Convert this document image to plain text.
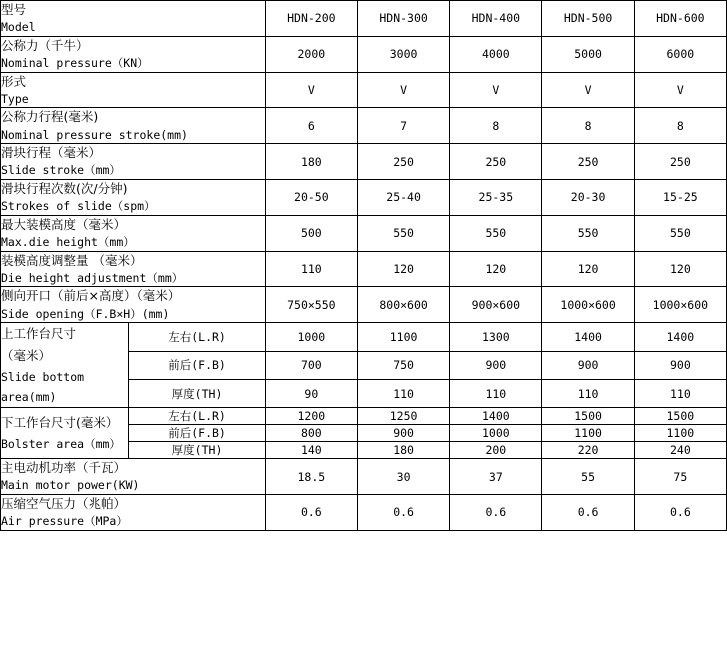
型号
Model		HDN-200	HDN-300	HDN-400	HDN-500	HDN-600

公称力（千牛）
Nominal pressure（KN）		2000	3000	4000	5000	6000

形式
Type		V	V	V	V	V

公称力行程(毫米)
Nominal pressure stroke(mm)		6	7	8	8	8

滑块行程（毫米）
Slide stroke（mm）		180	250	250	250	250

滑块行程次数(次/分钟)
Strokes of slide（spm）		20-50	25-40	25-35	20-30	15-25

最大装模高度（毫米）
Max.die height（mm）		500	550	550	550	550

装模高度调整量 （毫米）
Die height adjustment（mm）		110	120	120	120	120

侧向开口（前后×高度）（毫米）
Side opening（F.B×H）(mm)		750×550	800×600	900×600	1000×600	1000×600

上工作台尺寸
（毫米）
Slide bottom
area(mm)	左右(L.R)	1000	1100	1300	1400	1400
	前后(F.B)	700	750	900	900	900
	厚度(TH)	90	110	110	110	110

下工作台尺寸(毫米）
Bolster area（mm）	左右(L.R)	1200	1250	1400	1500	1500
	前后(F.B)	800	900	1000	1100	1100
	厚度(TH)	140	180	200	220	240

主电动机功率（千瓦）
Main motor power(KW)		18.5	30	37	55	75

压缩空气压力（兆帕）
Air pressure（MPa）		0.6	0.6	0.6	0.6	0.6
